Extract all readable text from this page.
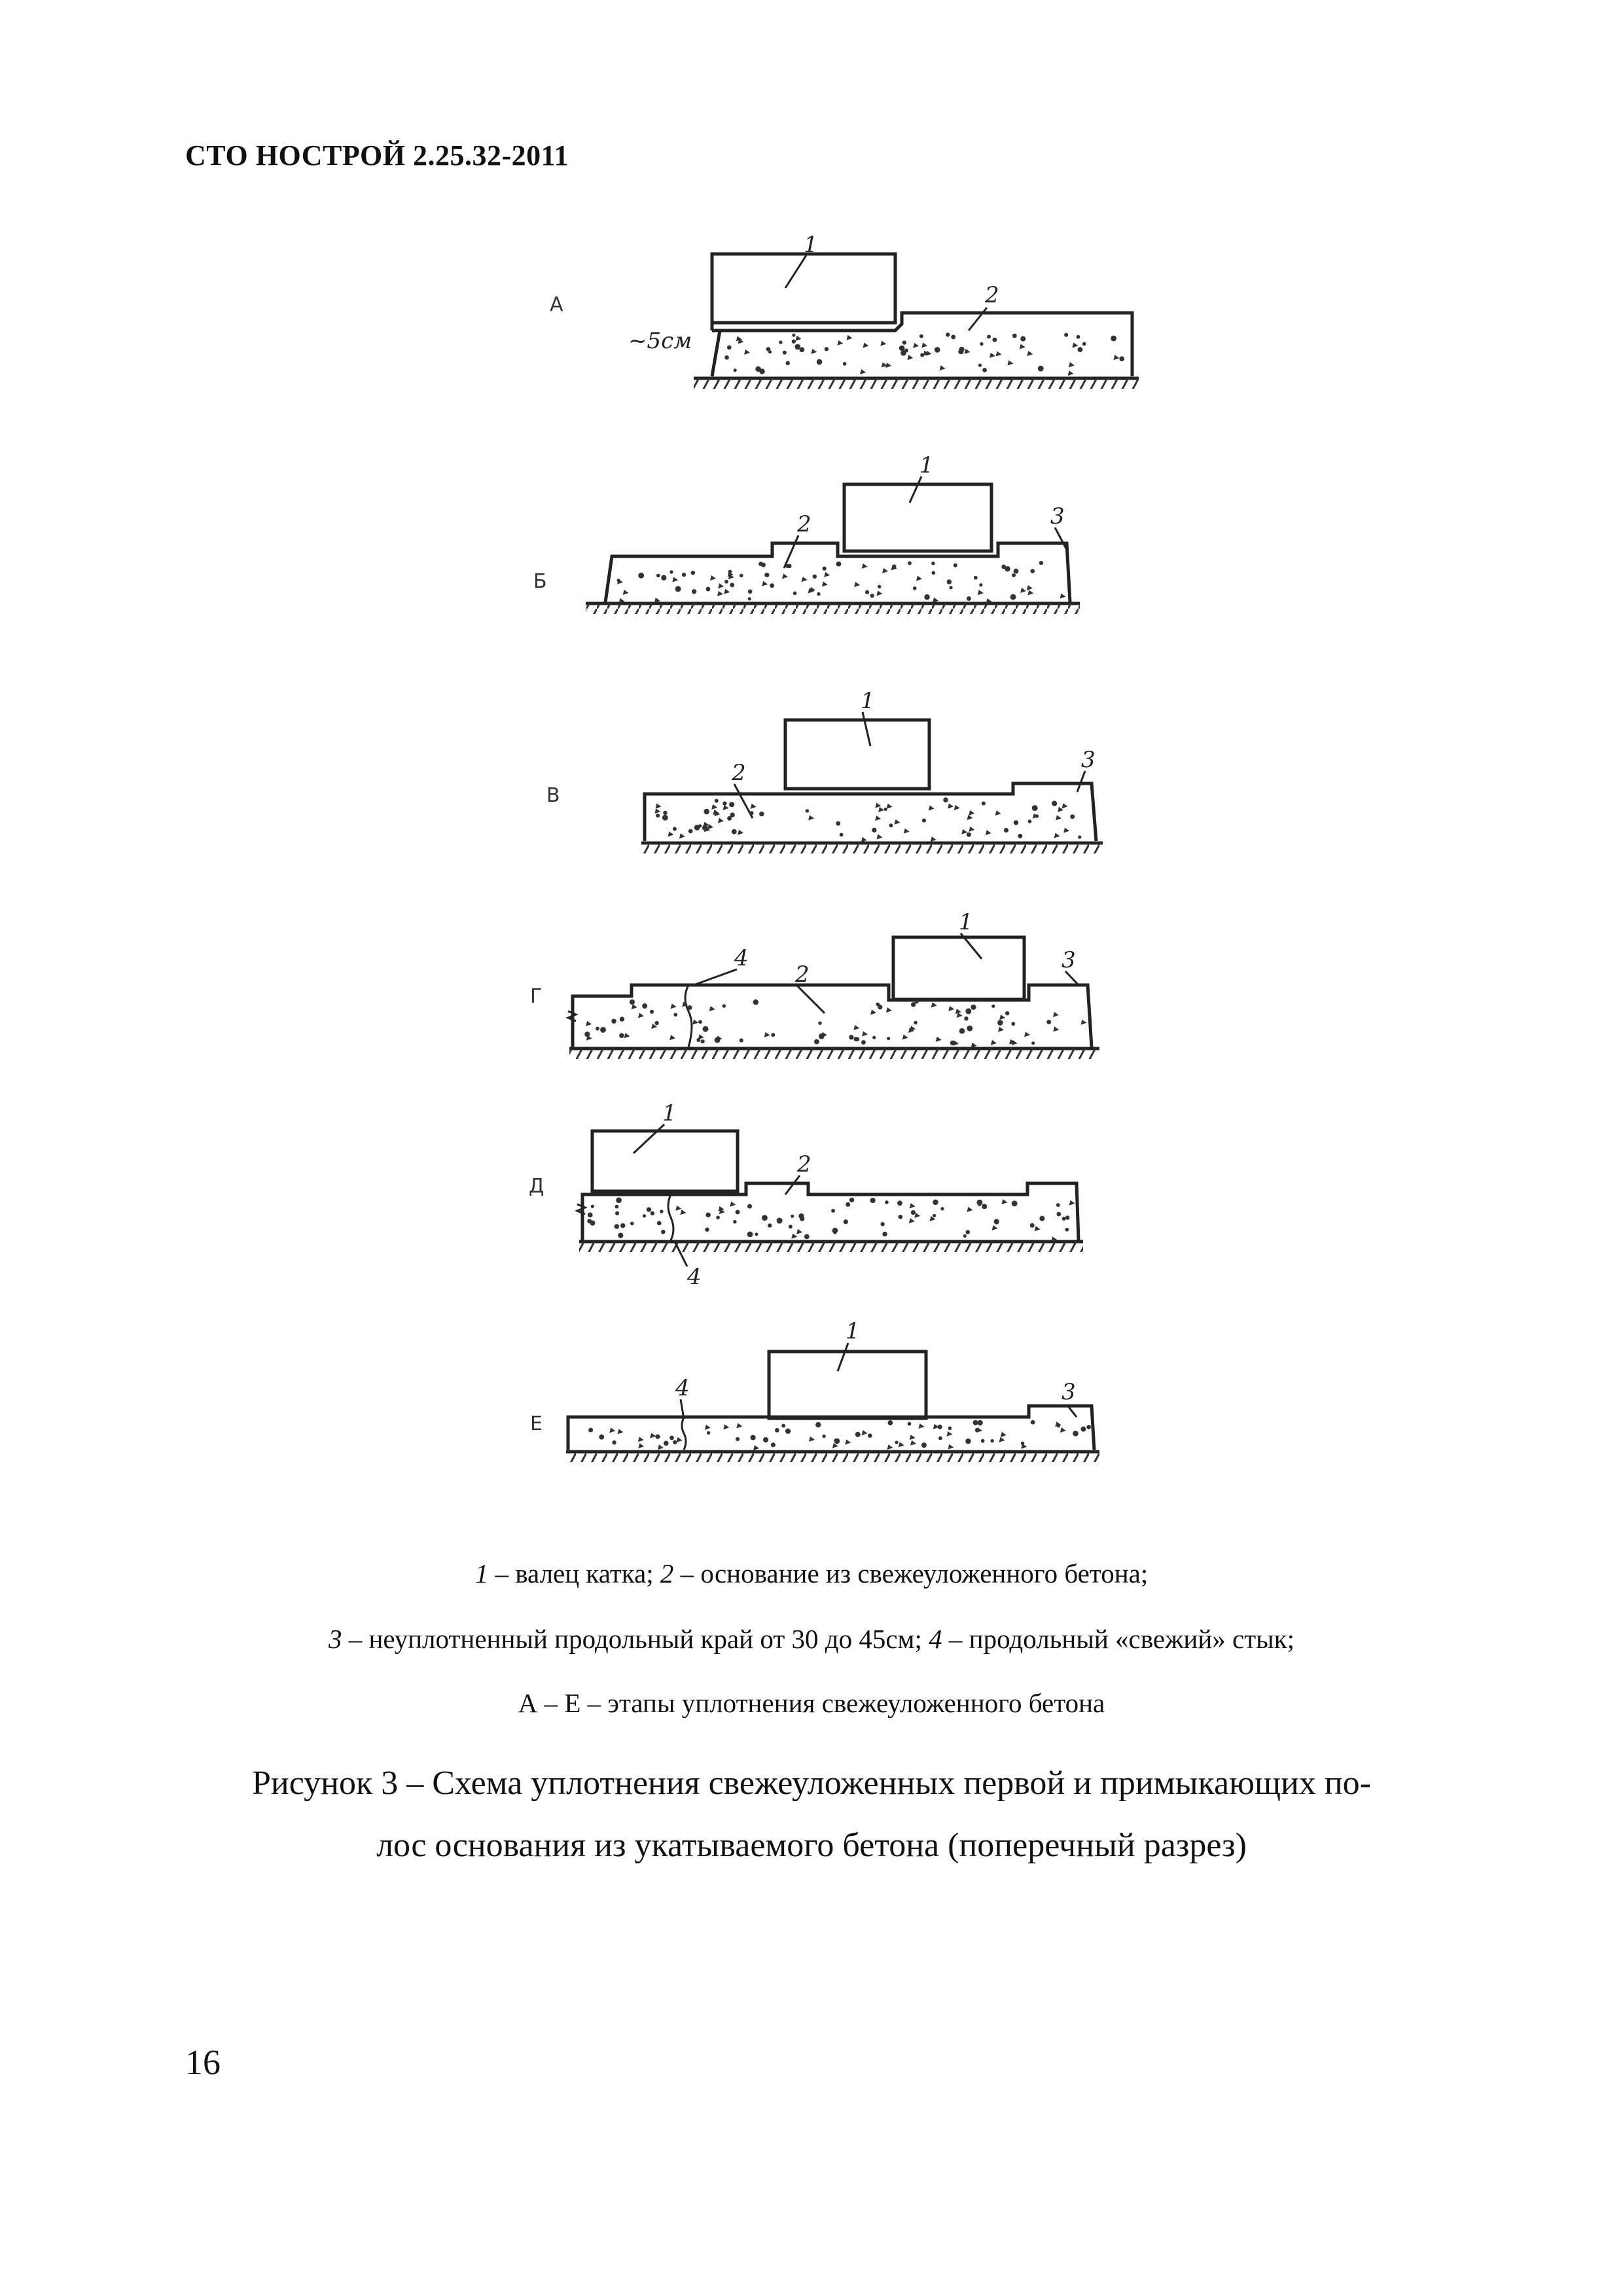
СТО НОСТРОЙ 2.25.32-2011
А
~5см
1
2
Б
1
2	3
В
1
2	3
Г
1
2
3
4
Д
1
2
4
Е
1
4	3
1 – валец катка; 2 – основание из свежеуложенного бетона;
3 – неуплотненный продольный край от 30 до 45см; 4 – продольный «свежий» стык;
А – Е – этапы уплотнения свежеуложенного бетона
Рисунок 3 – Схема уплотнения свежеуложенных первой и примыкающих по-
лос основания из укатываемого бетона (поперечный разрез)
16
